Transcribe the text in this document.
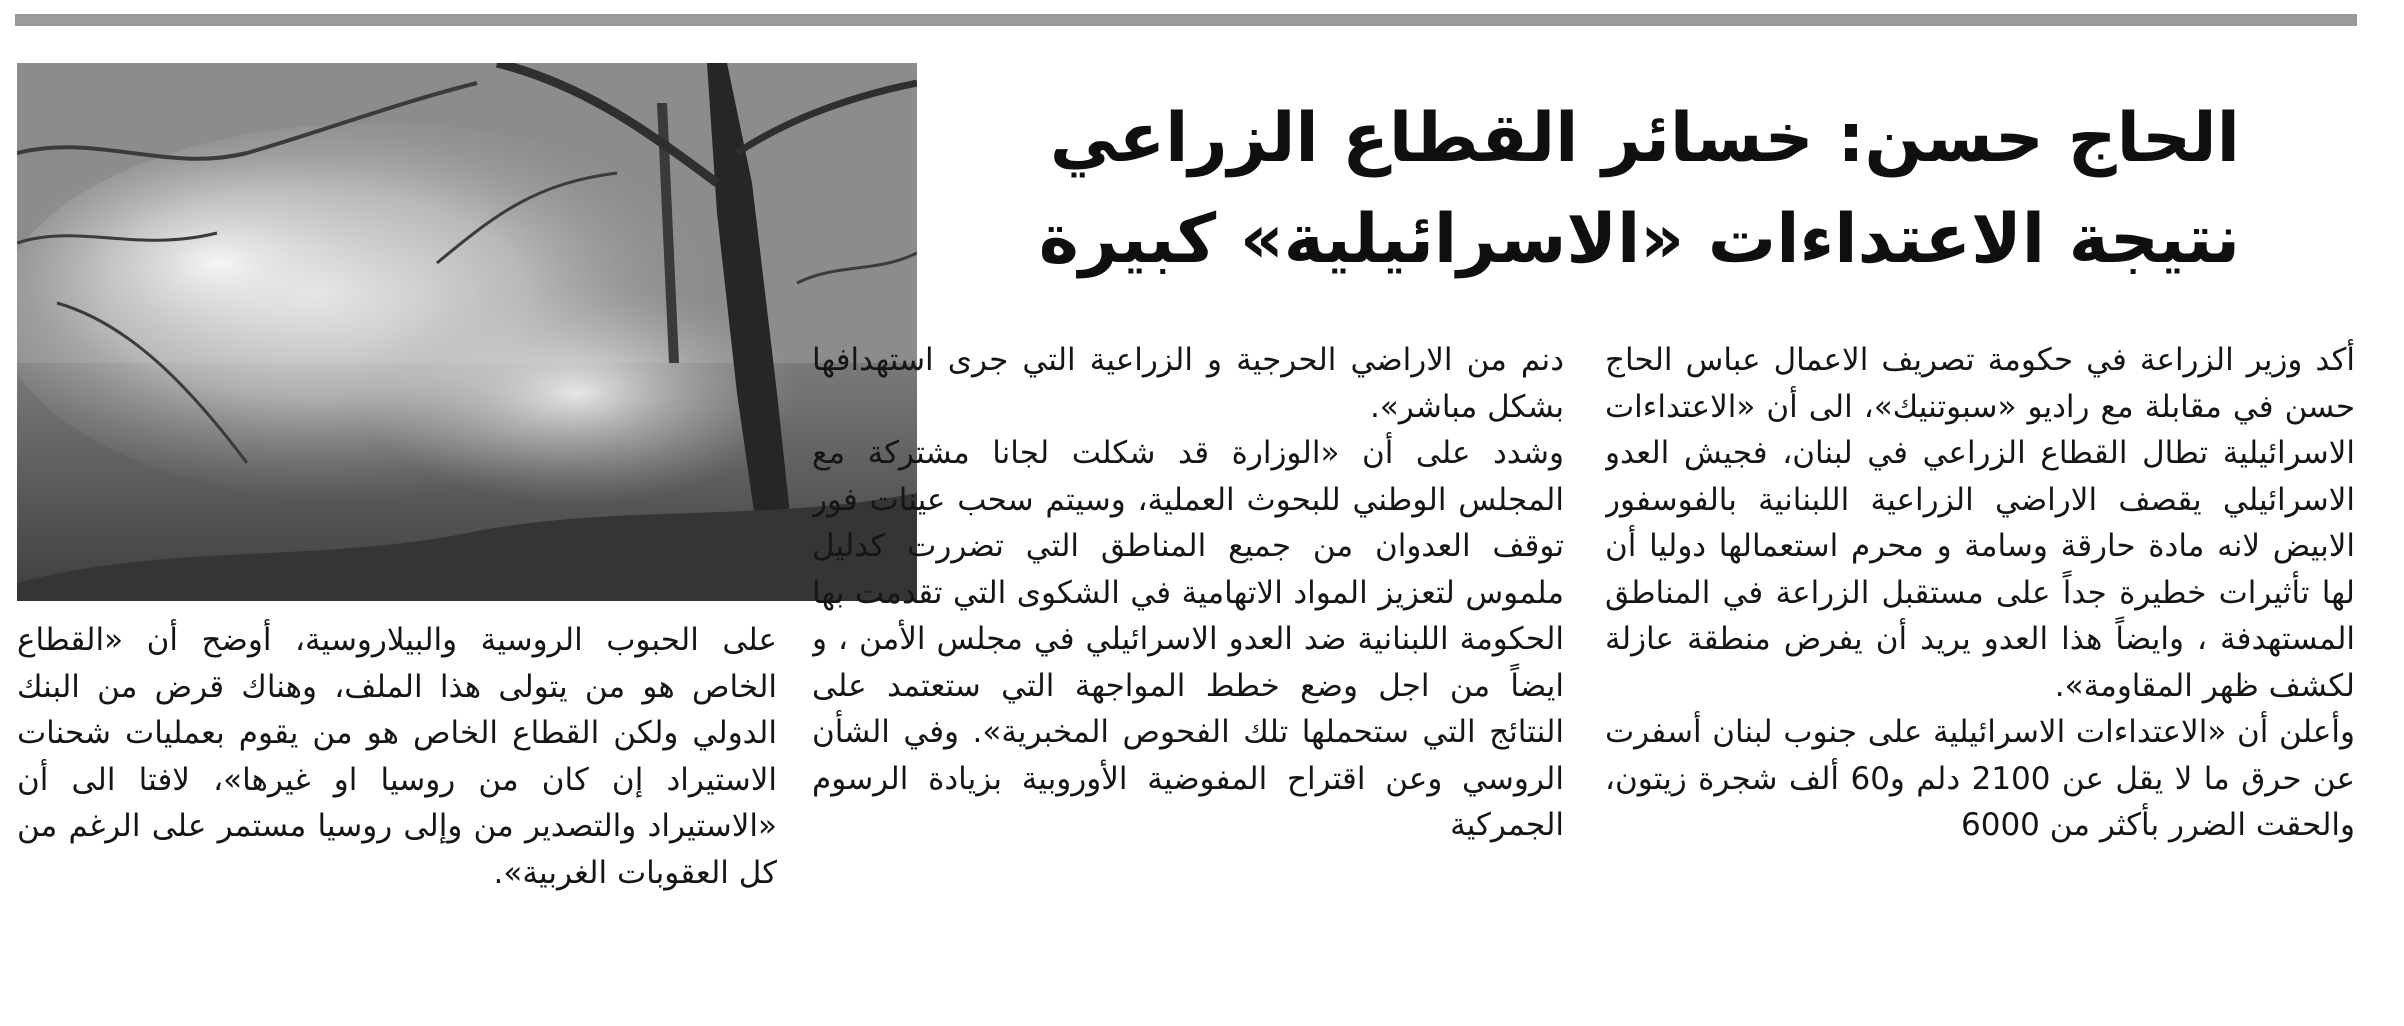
الحاج حسن: خسائر القطاع الزراعي
نتيجة الاعتداءات «الاسرائيلية» كبيرة

أكد وزير الزراعة في حكومة تصريف الاعمال عباس الحاج حسن في مقابلة مع راديو «سبوتنيك»، الى أن «الاعتداءات الاسرائيلية تطال القطاع الزراعي في لبنان، فجيش العدو الاسرائيلي يقصف الاراضي الزراعية اللبنانية بالفوسفور الابيض لانه مادة حارقة وسامة و محرم استعمالها دوليا أن لها تأثيرات خطيرة جداً على مستقبل الزراعة في المناطق المستهدفة ، وايضاً هذا العدو يريد أن يفرض منطقة عازلة لكشف ظهر المقاومة».

وأعلن أن «الاعتداءات الاسرائيلية على جنوب لبنان أسفرت عن حرق ما لا يقل عن 2100 دلم و60 ألف شجرة زيتون، والحقت الضرر بأكثر من 6000

دنم من الاراضي الحرجية و الزراعية التي جرى استهدافها بشكل مباشر».

وشدد على أن «الوزارة قد شكلت لجانا مشتركة مع المجلس الوطني للبحوث العملية، وسيتم سحب عينات فور توقف العدوان من جميع المناطق التي تضررت كدليل ملموس لتعزيز المواد الاتهامية في الشكوى التي تقدمت بها الحكومة اللبنانية ضد العدو الاسرائيلي في مجلس الأمن ، و ايضاً من اجل وضع خطط المواجهة التي ستعتمد على النتائج التي ستحملها تلك الفحوص المخبرية». وفي الشأن الروسي وعن اقتراح المفوضية الأوروبية بزيادة الرسوم الجمركية

على الحبوب الروسية والبيلاروسية، أوضح أن «القطاع الخاص هو من يتولى هذا الملف، وهناك قرض من البنك الدولي ولكن القطاع الخاص هو من يقوم بعمليات شحنات الاستيراد إن كان من روسيا او غيرها»، لافتا الى أن «الاستيراد والتصدير من وإلى روسيا مستمر على الرغم من كل العقوبات الغربية».
